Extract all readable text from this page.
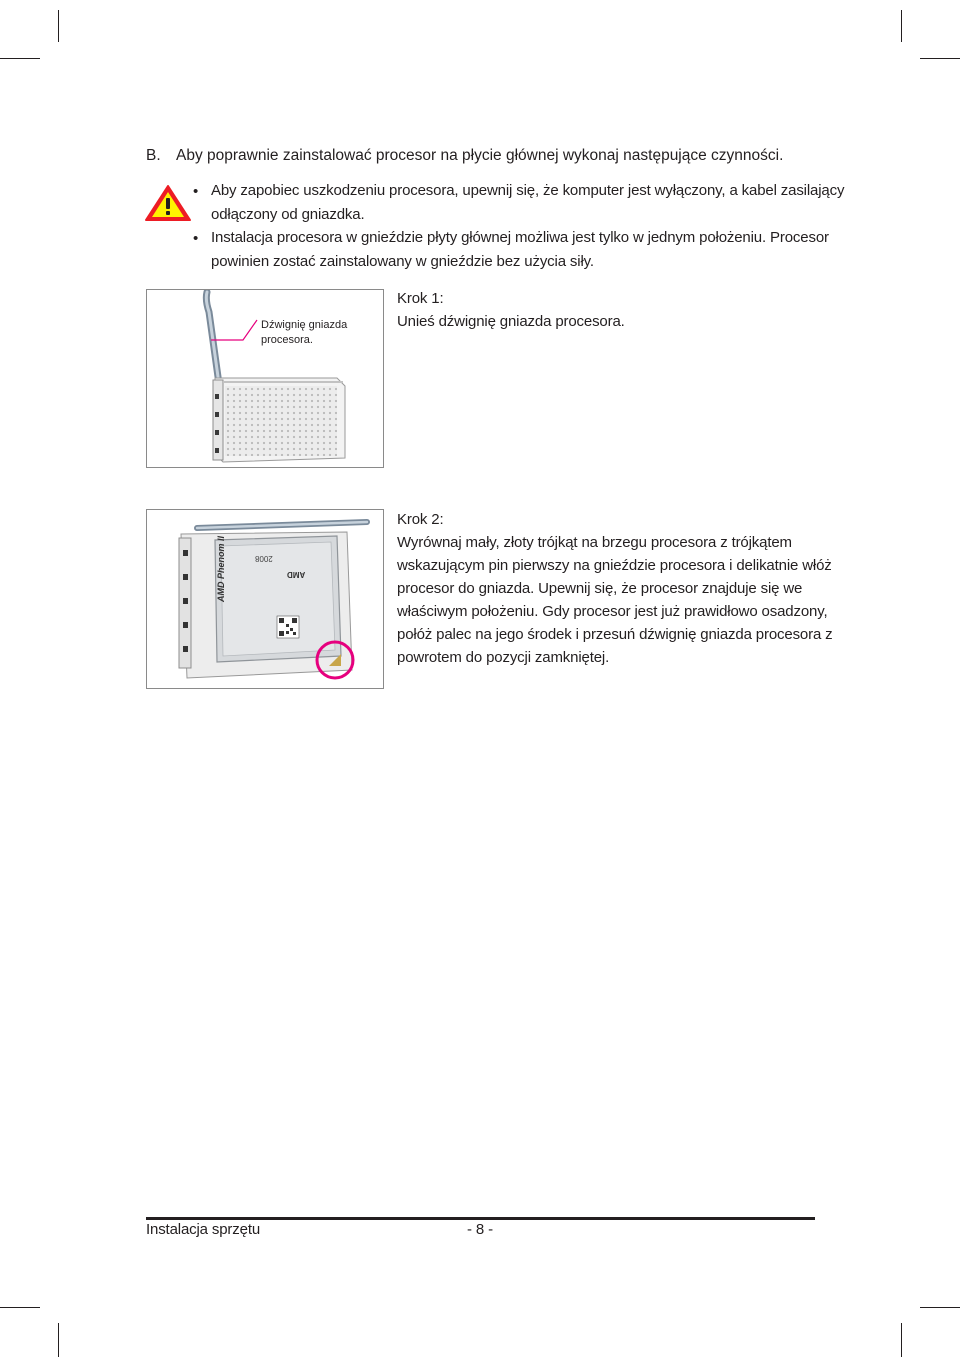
B. Aby poprawnie zainstalować procesor na płycie głównej wykonaj następujące czynności.
• Aby zapobiec uszkodzeniu procesora, upewnij się, że komputer jest wyłączony, a kabel zasilający
odłączony od gniazdka.
• Instalacja procesora w gnieździe płyty głównej możliwa jest tylko w jednym położeniu. Procesor
powinien zostać zainstalowany w gnieździe bez użycia siły.
Dźwignię gniazda
procesora.
Krok 1:
Unieś dźwignię gniazda procesora.
AMD Phenom II
2008
AMD
Krok 2:
Wyrównaj mały, złoty trójkąt na brzegu procesora z trójkątem
wskazującym pin pierwszy na gnieździe procesora i delikatnie włóż
procesor do gniazda. Upewnij się, że procesor znajduje się we
właściwym położeniu. Gdy procesor jest już prawidłowo osadzony,
połóż palec na jego środek i przesuń dźwignię gniazda procesora z
powrotem do pozycji zamkniętej.
Instalacja sprzętu	- 8 -
